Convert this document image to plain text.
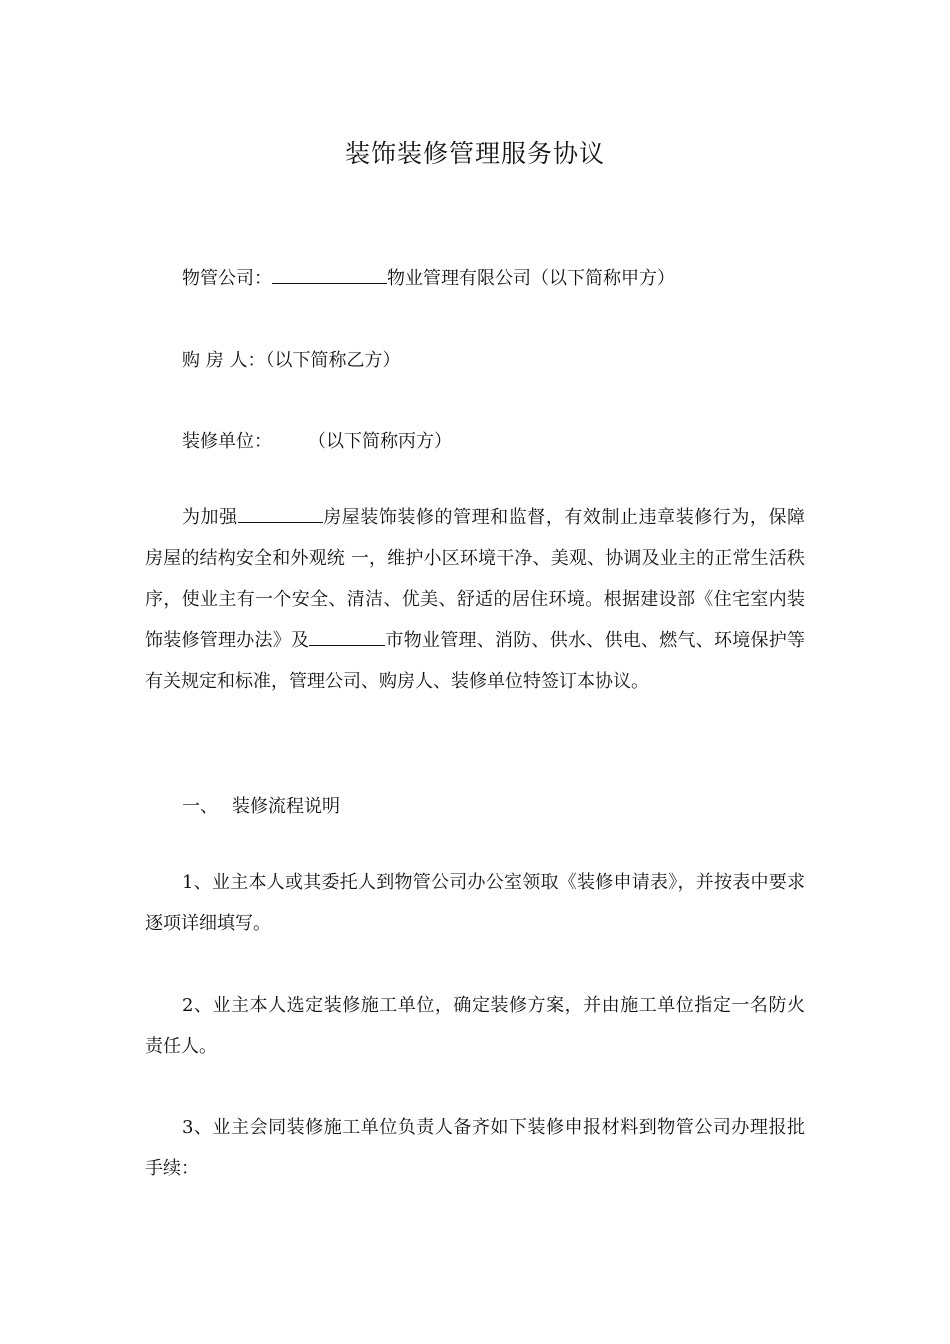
装饰装修管理服务协议
物管公司：	物业管理有限公司（以下简称甲方）
购 房 人：（以下简称乙方）
装修单位： （以下简称丙方）
为加强	房屋装饰装修的管理和监督，有效制止违章装修行为，保障房屋的结构安全和外观统 一，维护小区环境干净、美观、协调及业主的正常生活秩序，使业主有一个安全、清洁、优美、舒适的居住环境。根据建设部《住宅室内装饰装修管理办法》及	市物业管理、消防、供水、供电、燃气、环境保护等有关规定和标准，管理公司、购房人、装修单位特签订本协议。
一、 装修流程说明
1、业主本人或其委托人到物管公司办公室领取《装修申请表》，并按表中要求逐项详细填写。
2、业主本人选定装修施工单位，确定装修方案，并由施工单位指定一名防火责任人。
3、业主会同装修施工单位负责人备齐如下装修申报材料到物管公司办理报批手续：
